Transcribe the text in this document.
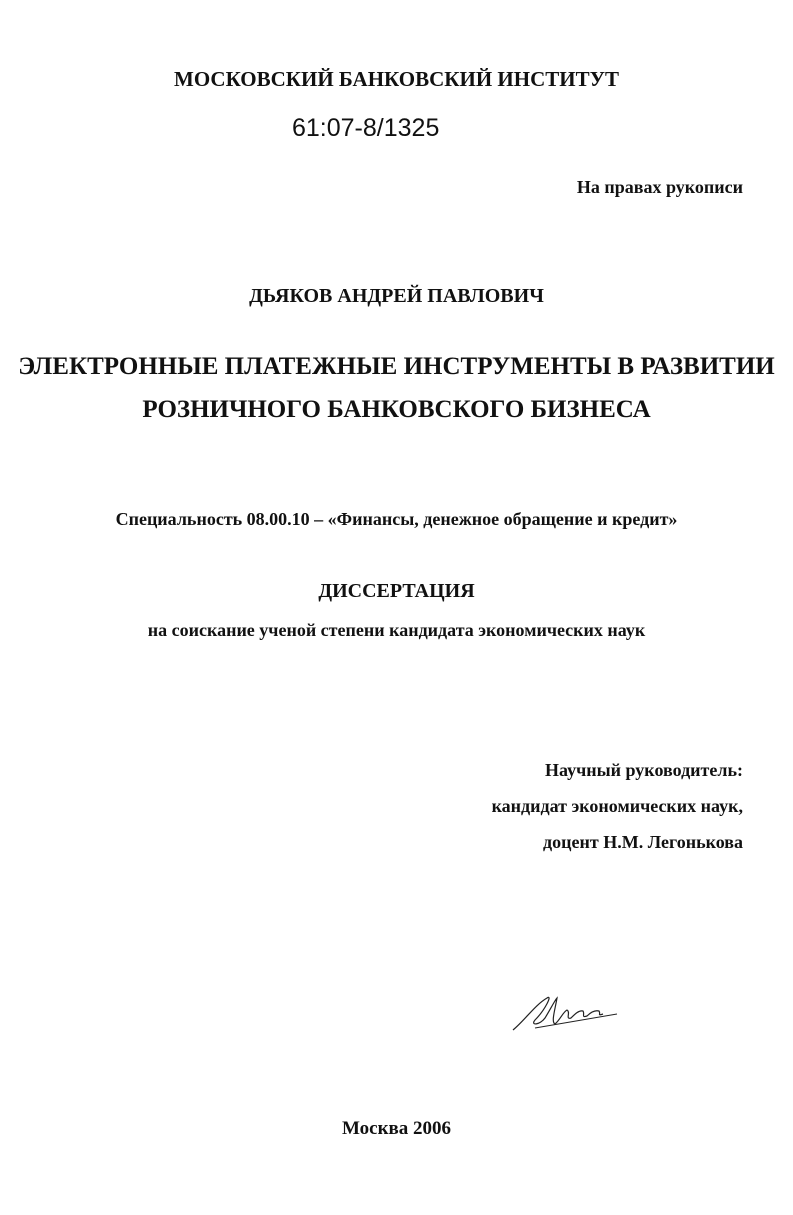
МОСКОВСКИЙ БАНКОВСКИЙ ИНСТИТУТ
61:07-8/1325
На правах рукописи
ДЬЯКОВ АНДРЕЙ ПАВЛОВИЧ
ЭЛЕКТРОННЫЕ ПЛАТЕЖНЫЕ ИНСТРУМЕНТЫ В РАЗВИТИИ
РОЗНИЧНОГО БАНКОВСКОГО БИЗНЕСА
Специальность 08.00.10 – «Финансы, денежное обращение и кредит»
ДИССЕРТАЦИЯ
на соискание ученой степени кандидата экономических наук
Научный руководитель:
кандидат экономических наук,
доцент Н.М. Легонькова
Москва 2006
